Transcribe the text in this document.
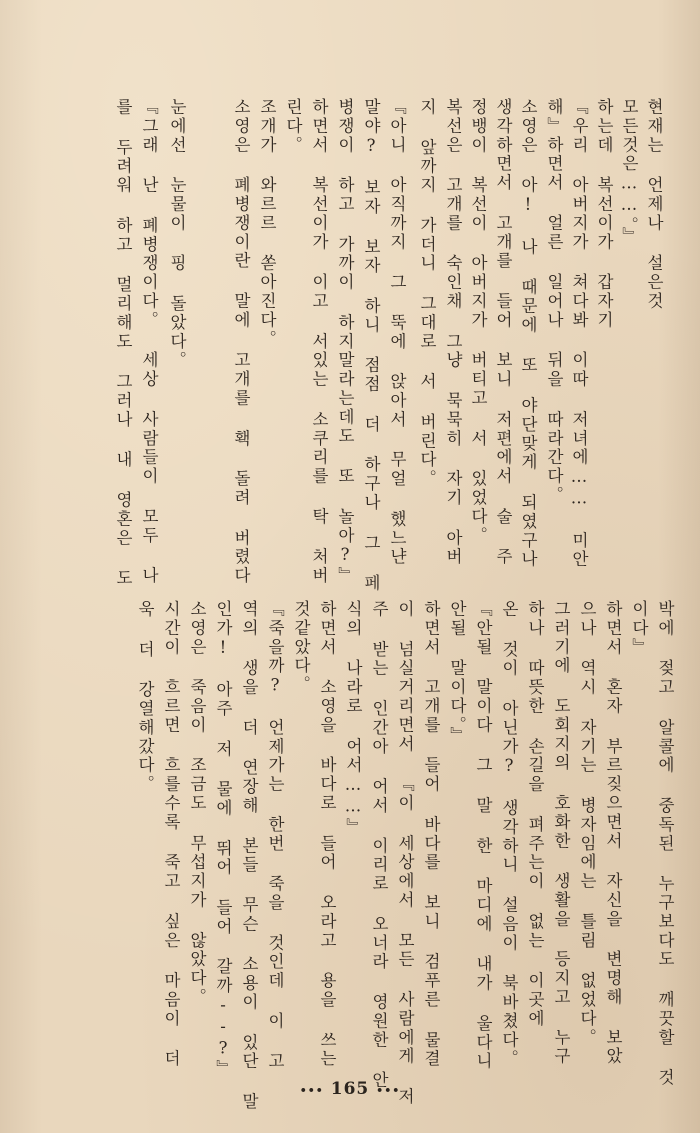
현재는 언제나 설은것

모든것은……。』

하는데 복선이가 갑자기

『우리 아버지가 쳐다봐 이따 저녀에…… 미안

해』하면서 얼른 일어나 뒤을 따라간다。

소영은 아! 나 때문에 또 야단맞게 되였구나

생각하면서 고개를 들어 보니 저편에서 술 주

정뱅이 복선이 아버지가 버티고 서 있었다。

복선은 고개를 숙인채 그냥 묵묵히 자기 아버

지 앞까지 가더니 그대로 서 버린다。

『아니 아직까지 그 뚝에 앉아서 무얼 했느냔

말야? 보자 보자 하니 점점 더 하구나 그 페

병쟁이 하고 가까이 하지말라는데도 또 놀아?』

하면서 복선이가 이고 서있는 소쿠리를 탁 처버

린다。

조개가 와르르 쏟아진다。

소영은 폐병쟁이란 말에 고개를 홱 돌려 버렸다

눈에선 눈물이 핑 돌았다。

『그래 난 폐병쟁이다。 세상 사람들이 모두 나

를 두려워 하고 멀리해도 그러나 내 영혼은 도

박에 젖고 알콜에 중독된 누구보다도 깨끗할 것

이다』

하면서 혼자 부르짖으면서 자신을 변명해 보았

으나 역시 자기는 병자임에는 틀림 없었다。

그러기에 도회지의 호화한 생활을 등지고 누구

하나 따뜻한 손길을 펴주는이 없는 이곳에

온 것이 아닌가? 생각하니 설음이 북바쳤다。

『안될 말이다 그 말 한 마디에 내가 울다니

안될 말이다。』

하면서 고개를 들어 바다를 보니 검푸른 물결

이 넘실거리면서 『이 세상에서 모든 사람에게 저

주 받는 인간아 어서 이리로 오너라 영원한 안

식의 나라로 어서……』

하면서 소영을 바다로 들어 오라고 용을 쓰는

것같았다。

『죽을까? 언제가는 한번 죽을 것인데 이 고

역의 생을 더 연장해 본들 무슨 소용이 있단 말

인가! 아주 저 물에 뛰어 들어 갈까--?』

소영은 죽음이 조금도 무섭지가 않았다。

시간이 흐르면 흐를수록 죽고 싶은 마음이 더

욱 더 강열해갔다。

••• 165 •••
